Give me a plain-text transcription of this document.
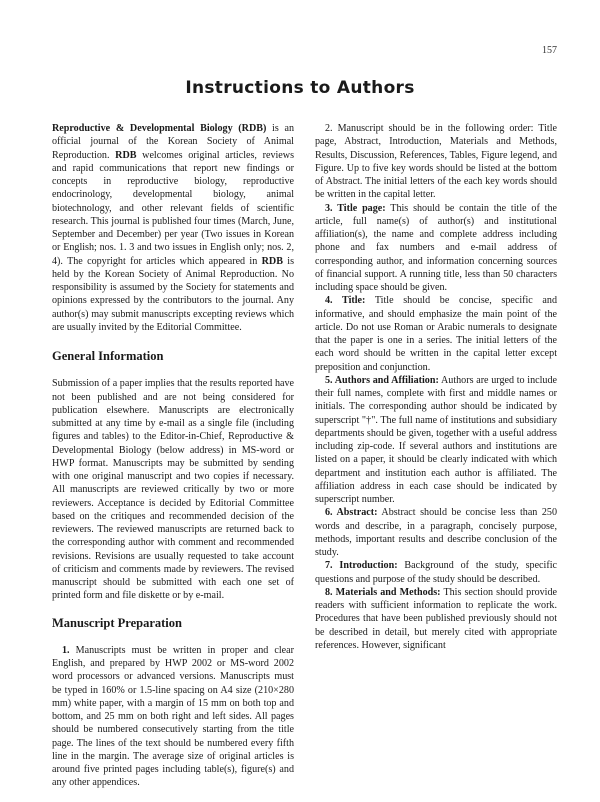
157
Instructions to Authors

Reproductive & Developmental Biology (RDB) is an official journal of the Korean Society of Animal Reproduction. RDB welcomes original articles, reviews and rapid communications that report new findings or concepts in reproductive biology, reproductive endocrinology, developmental biology, animal biotechnology, and other relevant fields of scientific research. This journal is published four times (March, June, September and December) per year (Two issues in Korean or English; nos. 1. 3 and two issues in English only; nos. 2, 4). The copyright for articles which appeared in RDB is held by the Korean Society of Animal Reproduction. No responsibility is assumed by the Society for statements and opinions expressed by the contributors to the journal. Any author(s) may submit manuscripts excepting reviews which are usually invited by the Editorial Committee.

General Information

Submission of a paper implies that the results reported have not been published and are not being considered for publication elsewhere. Manuscripts are electronically submitted at any time by e-mail as a single file (including figures and tables) to the Editor-in-Chief, Reproductive & Developmental Biology (below address) in MS-word or HWP format. Manuscripts may be submitted by sending with one original manuscript and two copies if necessary. All manuscripts are reviewed critically by two or more reviewers. Acceptance is decided by Editorial Committee based on the critiques and recommended decision of the reviewers. The reviewed manuscripts are returned back to the corresponding author with comment and recommended revisions. Revisions are usually requested to take account of criticism and comments made by reviewers. The revised manuscript should be submitted with each one set of printed form and file diskette or by e-mail.

Manuscript Preparation

1. Manuscripts must be written in proper and clear English, and prepared by HWP 2002 or MS-word 2002 word processors or advanced versions. Manuscripts must be typed in 160% or 1.5-line spacing on A4 size (210×280 mm) white paper, with a margin of 15 mm on both top and bottom, and 25 mm on both right and left sides. All pages should be numbered consecutively starting from the title page. The lines of the text should be numbered every fifth line in the margin. The average size of original articles is around five printed pages including table(s), figure(s) and any other appendices.

2. Manuscript should be in the following order: Title page, Abstract, Introduction, Materials and Methods, Results, Discussion, References, Tables, Figure legend, and Figure. Up to five key words should be listed at the bottom of Abstract. The initial letters of the each key words should be written in the capital letter.

3. Title page: This should be contain the title of the article, full name(s) of author(s) and institutional affiliation(s), the name and complete address including phone and fax numbers and e-mail address of corresponding author, and information concerning sources of financial support. A running title, less than 50 characters including space should be given.

4. Title: Title should be concise, specific and informative, and should emphasize the main point of the article. Do not use Roman or Arabic numerals to designate that the paper is one in a series. The initial letters of the each word should be written in the capital letter except preposition and conjunction.

5. Authors and Affiliation: Authors are urged to include their full names, complete with first and middle names or initials. The corresponding author should be indicated by superscript "†". The full name of institutions and subsidiary departments should be given, together with a useful address including zip-code. If several authors and institutions are listed on a paper, it should be clearly indicated with which department and institution each author is affiliated. The affiliation address in each case should be indicated by superscript number.

6. Abstract: Abstract should be concise less than 250 words and describe, in a paragraph, concisely purpose, methods, important results and describe conclusion of the study.

7. Introduction: Background of the study, specific questions and purpose of the study should be described.

8. Materials and Methods: This section should provide readers with sufficient information to replicate the work. Procedures that have been published previously should not be described in detail, but merely cited with appropriate references. However, significant
